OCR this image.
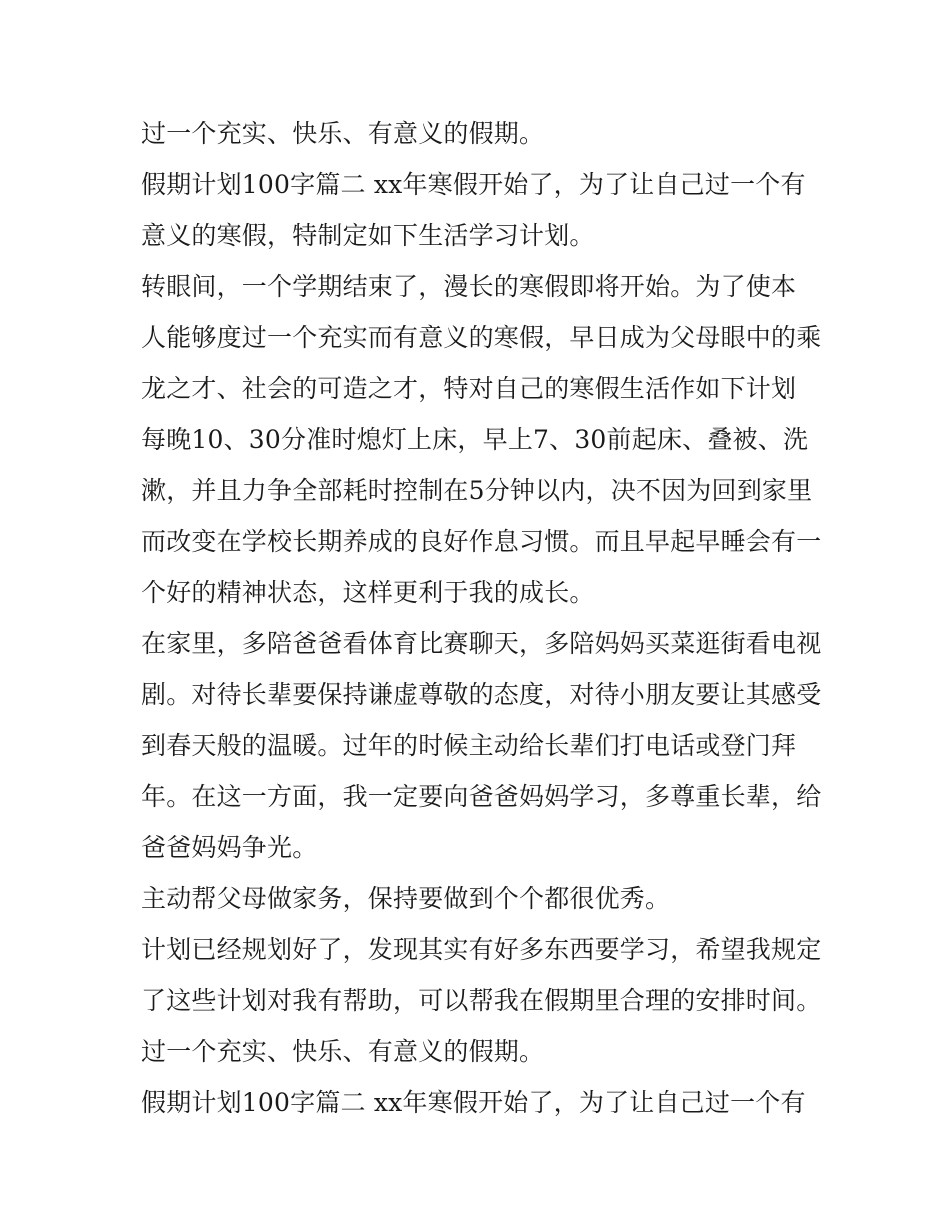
过一个充实、快乐、有意义的假期。
假期计划100字篇二 xx年寒假开始了，为了让自己过一个有
意义的寒假，特制定如下生活学习计划。
转眼间，一个学期结束了，漫长的寒假即将开始。为了使本
人能够度过一个充实而有意义的寒假，早日成为父母眼中的乘
龙之才、社会的可造之才，特对自己的寒假生活作如下计划
每晚10、30分准时熄灯上床，早上7、30前起床、叠被、洗
漱，并且力争全部耗时控制在5分钟以内，决不因为回到家里
而改变在学校长期养成的良好作息习惯。而且早起早睡会有一
个好的精神状态，这样更利于我的成长。
在家里，多陪爸爸看体育比赛聊天，多陪妈妈买菜逛街看电视
剧。对待长辈要保持谦虚尊敬的态度，对待小朋友要让其感受
到春天般的温暖。过年的时候主动给长辈们打电话或登门拜
年。在这一方面，我一定要向爸爸妈妈学习，多尊重长辈，给
爸爸妈妈争光。
主动帮父母做家务，保持要做到个个都很优秀。
计划已经规划好了，发现其实有好多东西要学习，希望我规定
了这些计划对我有帮助，可以帮我在假期里合理的安排时间。
过一个充实、快乐、有意义的假期。
假期计划100字篇二 xx年寒假开始了，为了让自己过一个有
